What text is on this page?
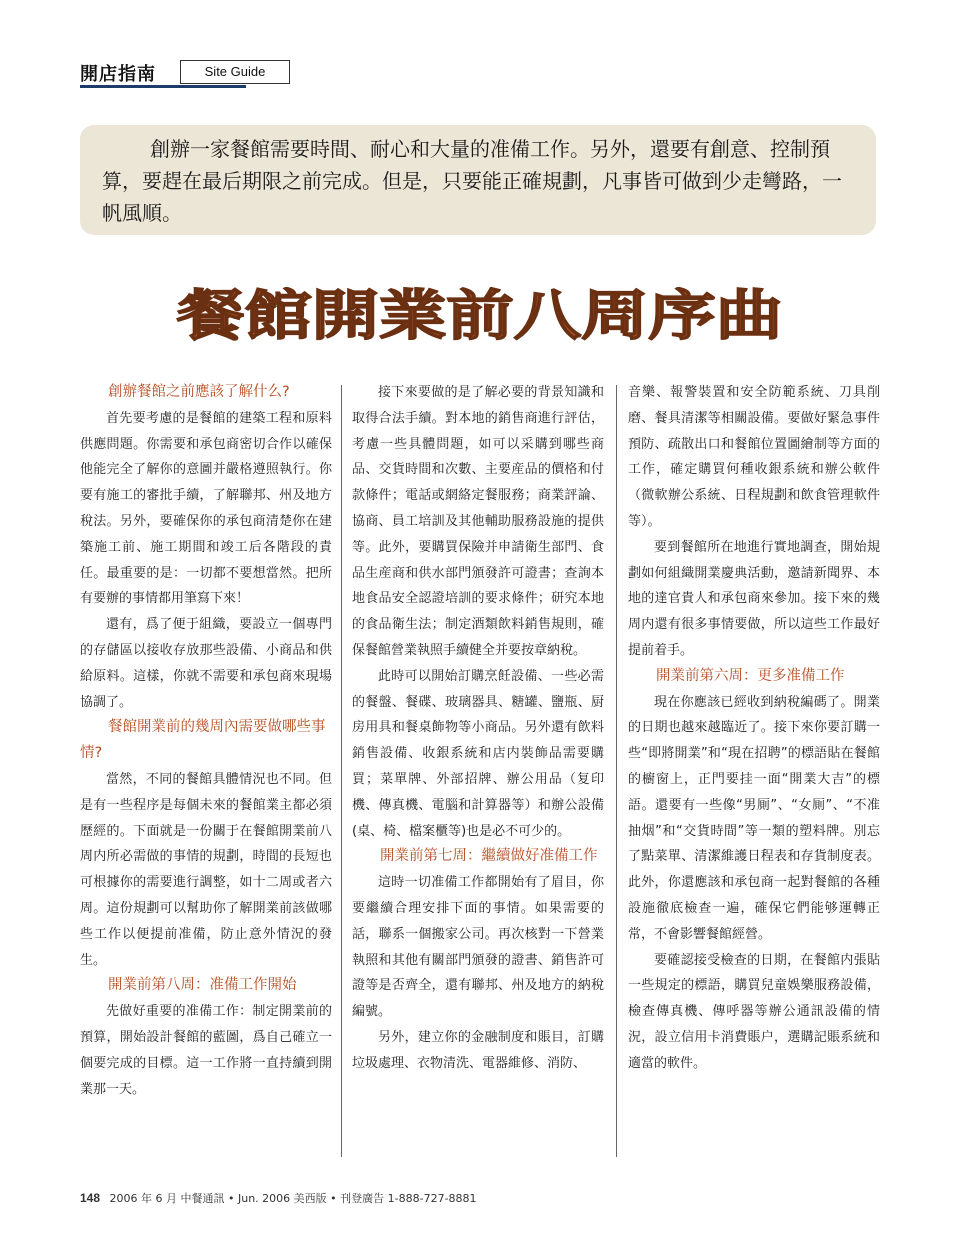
開店指南	Site Guide

創辦一家餐館需要時間、耐心和大量的准備工作。另外，還要有創意、控制預算，要趕在最后期限之前完成。但是，只要能正確規劃，凡事皆可做到少走彎路，一帆風順。

餐館開業前八周序曲
創辦餐館之前應該了解什么?

首先要考慮的是餐館的建築工程和原料供應問題。你需要和承包商密切合作以確保他能完全了解你的意圖并嚴格遵照執行。你要有施工的審批手續，了解聯邦、州及地方稅法。另外，要確保你的承包商清楚你在建築施工前、施工期間和竣工后各階段的責任。最重要的是：一切都不要想當然。把所有要辦的事情都用筆寫下來！

還有，爲了便于組織，要設立一個專門的存儲區以接收存放那些設備、小商品和供給原料。這樣，你就不需要和承包商來現場協調了。

餐館開業前的幾周內需要做哪些事情?

當然，不同的餐館具體情況也不同。但是有一些程序是每個未來的餐館業主都必須歷經的。下面就是一份關于在餐館開業前八周内所必需做的事情的規劃，時間的長短也可根據你的需要進行調整，如十二周或者六周。這份規劃可以幫助你了解開業前該做哪些工作以便提前准備，防止意外情況的發生。

開業前第八周：准備工作開始

先做好重要的准備工作：制定開業前的預算，開始設計餐館的藍圖，爲自己確立一個要完成的目標。這一工作將一直持續到開業那一天。

接下來要做的是了解必要的背景知識和取得合法手續。對本地的銷售商進行評估，考慮一些具體問題，如可以采購到哪些商品、交貨時間和次數、主要産品的價格和付款條件；電話或網絡定餐服務；商業評論、協商、員工培訓及其他輔助服務設施的提供等。此外，要購買保險并申請衛生部門、食品生産商和供水部門頒發許可證書；查詢本地食品安全認證培訓的要求條件；研究本地的食品衛生法；制定酒類飲料銷售規則，確保餐館營業執照手續健全并要按章納稅。

此時可以開始訂購烹飪設備、一些必需的餐盤、餐碟、玻璃器具、糖罐、鹽瓶、厨房用具和餐桌飾物等小商品。另外還有飲料銷售設備、收銀系統和店内裝飾品需要購買；菜單牌、外部招牌、辦公用品（复印機、傳真機、電腦和計算器等）和辦公設備(桌、椅、檔案櫃等)也是必不可少的。

開業前第七周：繼續做好准備工作

這時一切准備工作都開始有了眉目，你要繼續合理安排下面的事情。如果需要的話，聯系一個搬家公司。再次核對一下營業執照和其他有關部門頒發的證書、銷售許可證等是否齊全，還有聯邦、州及地方的納稅編號。

另外，建立你的金融制度和賬目，訂購垃圾處理、衣物清洗、電器維修、消防、

音樂、報警裝置和安全防範系統、刀具削磨、餐具清潔等相關設備。要做好緊急事件預防、疏散出口和餐館位置圖繪制等方面的工作，確定購買何種收銀系統和辦公軟件（微軟辦公系統、日程規劃和飲食管理軟件等）。

要到餐館所在地進行實地調查，開始規劃如何組織開業慶典活動，邀請新聞界、本地的達官貴人和承包商來參加。接下來的幾周内還有很多事情要做，所以這些工作最好提前着手。

開業前第六周：更多准備工作

現在你應該已經收到納稅編碼了。開業的日期也越來越臨近了。接下來你要訂購一些“即將開業”和“現在招聘”的標語貼在餐館的櫥窗上，正門要挂一面“開業大吉”的標語。還要有一些像“男厠”、“女厠”、“不准抽烟”和“交貨時間”等一類的塑料牌。別忘了點菜單、清潔維護日程表和存貨制度表。此外，你還應該和承包商一起對餐館的各種設施徹底檢查一遍，確保它們能够運轉正常，不會影響餐館經營。

要確認接受檢查的日期，在餐館内張貼一些規定的標語，購買兒童娛樂服務設備，檢查傳真機、傳呼器等辦公通訊設備的情況，設立信用卡消費賬户，選購記賬系統和適當的軟件。

148 2006 年 6 月 中餐通訊 • Jun. 2006 美西版 • 刊登廣告 1-888-727-8881
